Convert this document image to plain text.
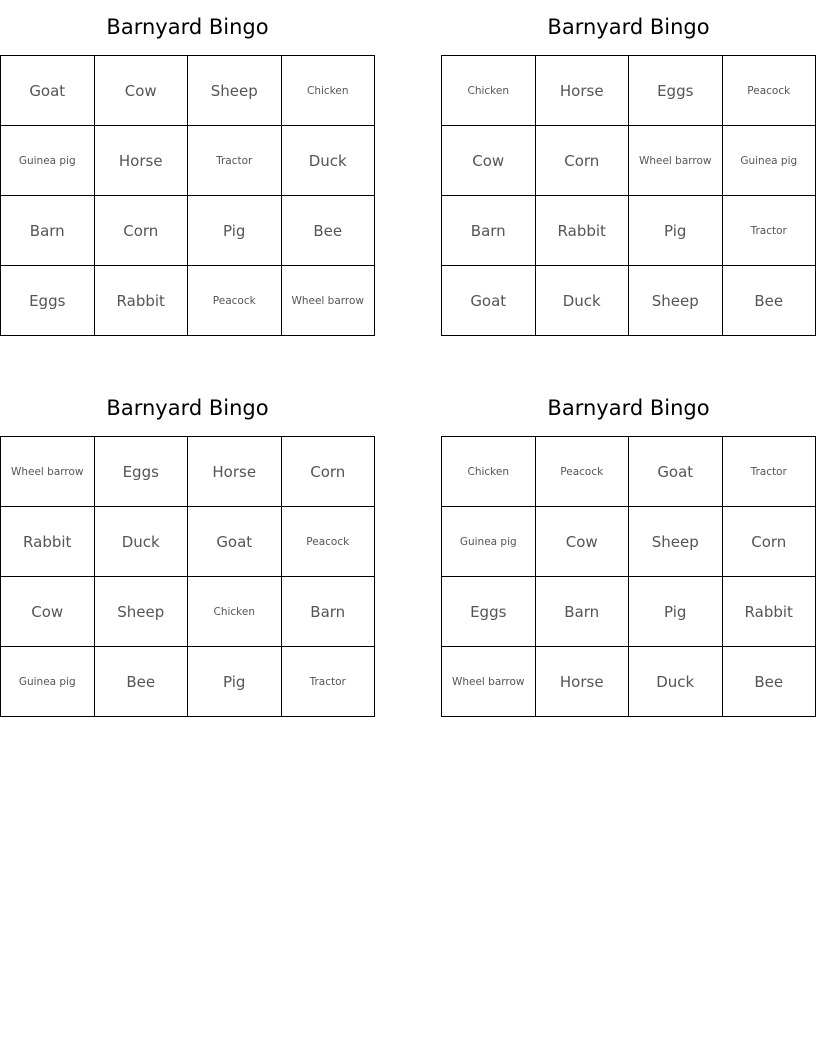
Barnyard Bingo
Goat	Cow	Sheep	Chicken
Guinea pig	Horse	Tractor	Duck
Barn	Corn	Pig	Bee
Eggs	Rabbit	Peacock	Wheel barrow
Barnyard Bingo
Chicken	Horse	Eggs	Peacock
Cow	Corn	Wheel barrow	Guinea pig
Barn	Rabbit	Pig	Tractor
Goat	Duck	Sheep	Bee
Barnyard Bingo
Wheel barrow	Eggs	Horse	Corn
Rabbit	Duck	Goat	Peacock
Cow	Sheep	Chicken	Barn
Guinea pig	Bee	Pig	Tractor
Barnyard Bingo
Chicken	Peacock	Goat	Tractor
Guinea pig	Cow	Sheep	Corn
Eggs	Barn	Pig	Rabbit
Wheel barrow	Horse	Duck	Bee
